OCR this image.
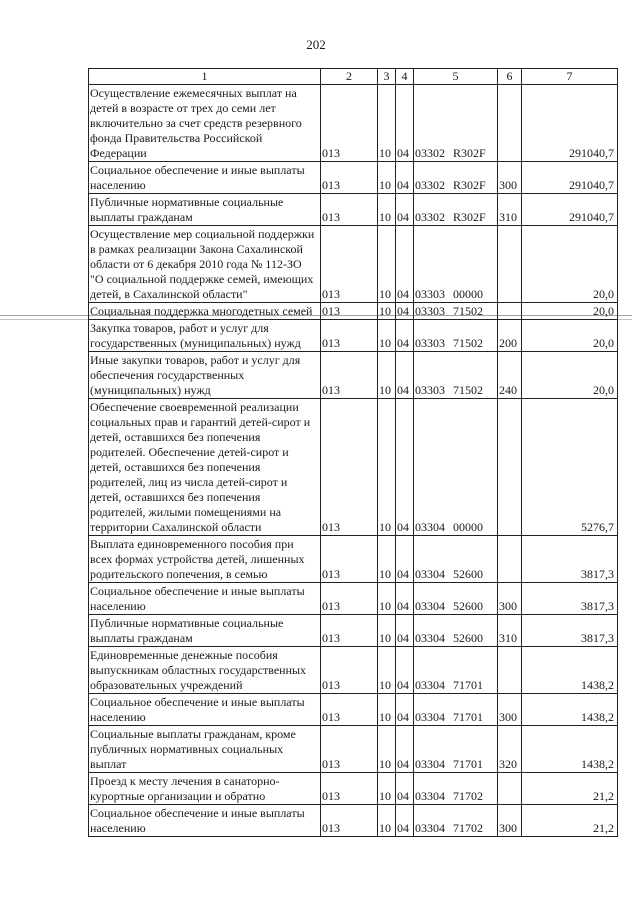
202
1	2	3	4	5	6	7
Осуществление ежемесячных выплат на детей в возрасте от трех до семи лет включительно за счет средств резервного фонда Правительства Российской Федерации	013	10	04	03302 R302F		291040,7
Социальное обеспечение и иные выплаты населению	013	10	04	03302 R302F	300	291040,7
Публичные нормативные социальные выплаты гражданам	013	10	04	03302 R302F	310	291040,7
Осуществление мер социальной поддержки в рамках реализации Закона Сахалинской области от 6 декабря 2010 года № 112-ЗО "О социальной поддержке семей, имеющих детей, в Сахалинской области"	013	10	04	03303 00000		20,0
Социальная поддержка многодетных семей	013	10	04	03303 71502		20,0
Закупка товаров, работ и услуг для государственных (муниципальных) нужд	013	10	04	03303 71502	200	20,0
Иные закупки товаров, работ и услуг для обеспечения государственных (муниципальных) нужд	013	10	04	03303 71502	240	20,0
Обеспечение своевременной реализации социальных прав и гарантий детей-сирот и детей, оставшихся без попечения родителей. Обеспечение детей-сирот и детей, оставшихся без попечения родителей, лиц из числа детей-сирот и детей, оставшихся без попечения родителей, жилыми помещениями на территории Сахалинской области	013	10	04	03304 00000		5276,7
Выплата единовременного пособия при всех формах устройства детей, лишенных родительского попечения, в семью	013	10	04	03304 52600		3817,3
Социальное обеспечение и иные выплаты населению	013	10	04	03304 52600	300	3817,3
Публичные нормативные социальные выплаты гражданам	013	10	04	03304 52600	310	3817,3
Единовременные денежные пособия выпускникам областных государственных образовательных учреждений	013	10	04	03304 71701		1438,2
Социальное обеспечение и иные выплаты населению	013	10	04	03304 71701	300	1438,2
Социальные выплаты гражданам, кроме публичных нормативных социальных выплат	013	10	04	03304 71701	320	1438,2
Проезд к месту лечения в санаторно-курортные организации и обратно	013	10	04	03304 71702		21,2
Социальное обеспечение и иные выплаты населению	013	10	04	03304 71702	300	21,2
